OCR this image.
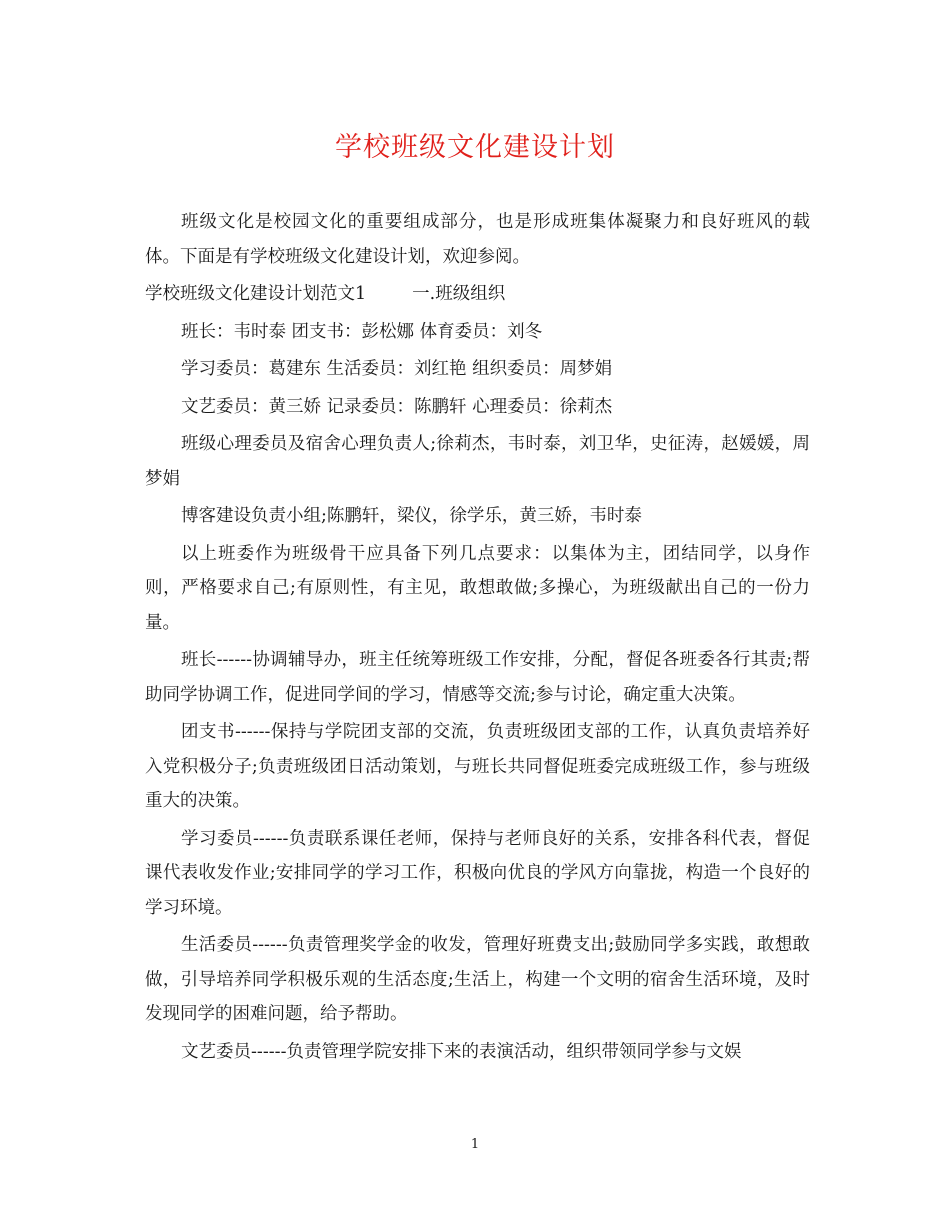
学校班级文化建设计划

班级文化是校园文化的重要组成部分，也是形成班集体凝聚力和良好班风的载体。下面是有学校班级文化建设计划，欢迎参阅。

学校班级文化建设计划范文1	一.班级组织

班长：韦时泰 团支书：彭松娜 体育委员：刘冬

学习委员：葛建东 生活委员：刘红艳 组织委员：周梦娟

文艺委员：黄三娇 记录委员：陈鹏轩 心理委员：徐莉杰

班级心理委员及宿舍心理负责人;徐莉杰，韦时泰，刘卫华，史征涛，赵媛媛，周梦娟

博客建设负责小组;陈鹏轩，梁仪，徐学乐，黄三娇，韦时泰

以上班委作为班级骨干应具备下列几点要求：以集体为主，团结同学，以身作则，严格要求自己;有原则性，有主见，敢想敢做;多操心，为班级献出自己的一份力量。

班长------协调辅导办，班主任统筹班级工作安排，分配，督促各班委各行其责;帮助同学协调工作，促进同学间的学习，情感等交流;参与讨论，确定重大决策。

团支书------保持与学院团支部的交流，负责班级团支部的工作，认真负责培养好入党积极分子;负责班级团日活动策划，与班长共同督促班委完成班级工作，参与班级重大的决策。

学习委员------负责联系课任老师，保持与老师良好的关系，安排各科代表，督促课代表收发作业;安排同学的学习工作，积极向优良的学风方向靠拢，构造一个良好的学习环境。

生活委员------负责管理奖学金的收发，管理好班费支出;鼓励同学多实践，敢想敢做，引导培养同学积极乐观的生活态度;生活上，构建一个文明的宿舍生活环境，及时发现同学的困难问题，给予帮助。

文艺委员------负责管理学院安排下来的表演活动，组织带领同学参与文娱

1
